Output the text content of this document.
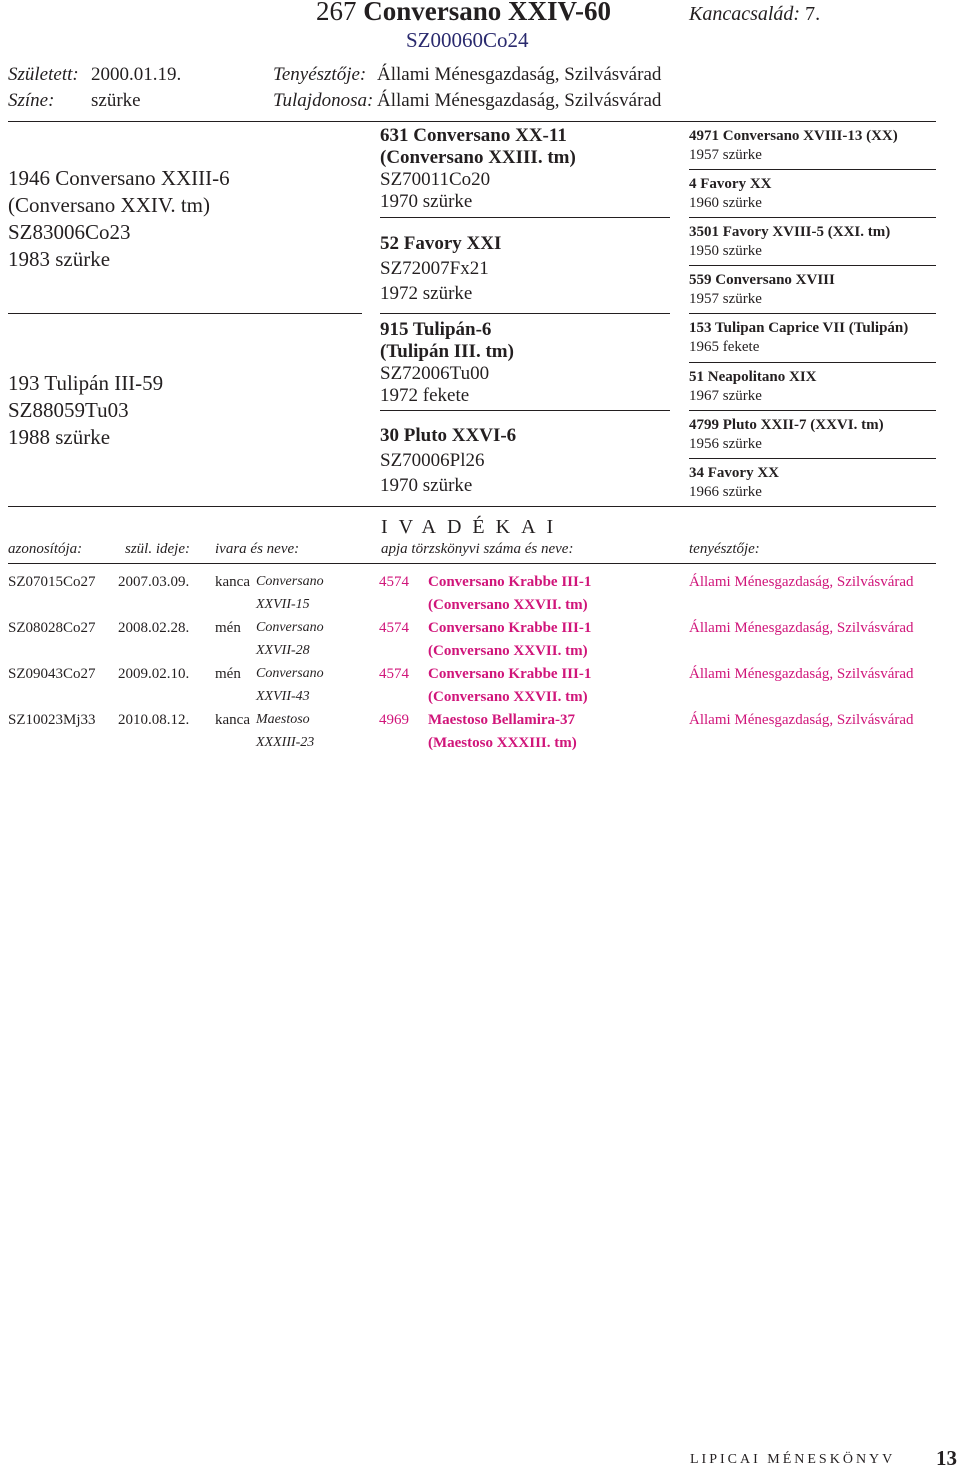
267 Conversano XXIV-60
SZ00060Co24
Kancacsalád: 7.
Született: 2000.01.19.
Színe: szürke
Tenyésztője: Állami Ménesgazdaság, Szilvásvárad
Tulajdonosa: Állami Ménesgazdaság, Szilvásvárad
1946 Conversano XXIII-6
(Conversano XXIV. tm)
SZ83006Co23
1983 szürke
193 Tulipán III-59
SZ88059Tu03
1988 szürke
631 Conversano XX-11
(Conversano XXIII. tm)
SZ70011Co20
1970 szürke
52 Favory XXI
SZ72007Fx21
1972 szürke
915 Tulipán-6
(Tulipán III. tm)
SZ72006Tu00
1972 fekete
30 Pluto XXVI-6
SZ70006Pl26
1970 szürke
4971 Conversano XVIII-13 (XX)
1957 szürke
4 Favory XX
1960 szürke
3501 Favory XVIII-5 (XXI. tm)
1950 szürke
559 Conversano XVIII
1957 szürke
153 Tulipan Caprice VII (Tulipán)
1965 fekete
51 Neapolitano XIX
1967 szürke
4799 Pluto XXII-7 (XXVI. tm)
1956 szürke
34 Favory XX
1966 szürke
IVADÉKAI
azonosítója:	szül. ideje: ivara és neve:	apja törzskönyvi száma és neve:	tenyésztője:
SZ07015Co27 2007.03.09. kanca Conversano
XXVII-15
4574 Conversano Krabbe III-1
(Conversano XXVII. tm)
Állami Ménesgazdaság, Szilvásvárad
SZ08028Co27 2008.02.28. mén Conversano
XXVII-28
4574 Conversano Krabbe III-1
(Conversano XXVII. tm)
Állami Ménesgazdaság, Szilvásvárad
SZ09043Co27 2009.02.10. mén Conversano
XXVII-43
4574 Conversano Krabbe III-1
(Conversano XXVII. tm)
Állami Ménesgazdaság, Szilvásvárad
SZ10023Mj33 2010.08.12. kanca Maestoso
XXXIII-23
4969 Maestoso Bellamira-37
(Maestoso XXXIII. tm)
Állami Ménesgazdaság, Szilvásvárad
LIPICAI MÉNESKÖNYV 13
